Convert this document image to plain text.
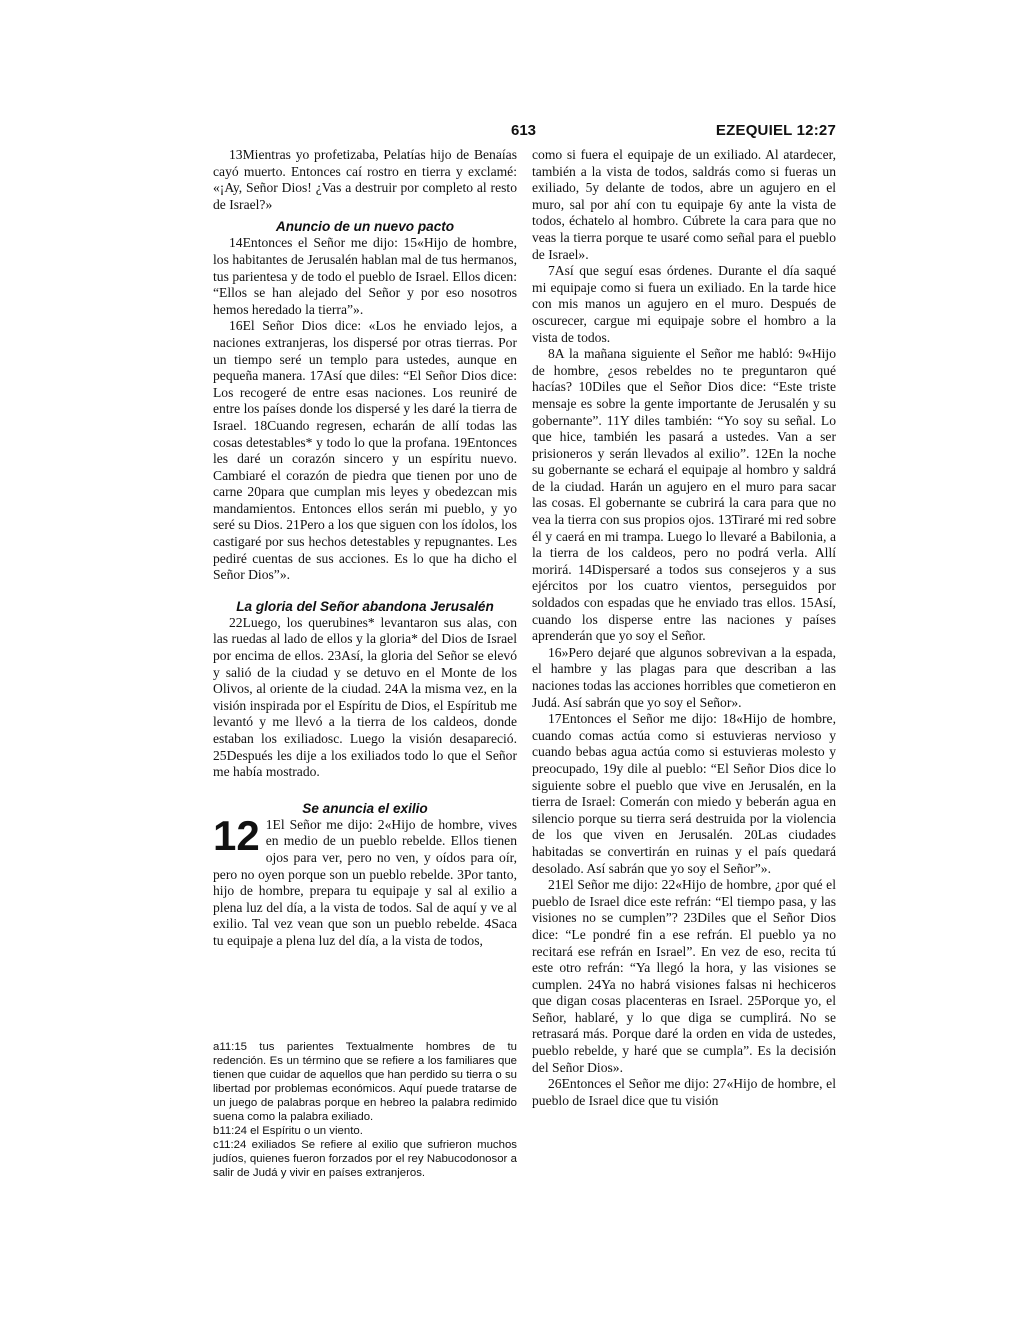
613	EZEQUIEL 12:27

13Mientras yo profetizaba, Pelatías hijo de Benaías cayó muerto. Entonces caí rostro en tierra y exclamé: «¡Ay, Señor Dios! ¿Vas a destruir por completo al resto de Israel?»

Anuncio de un nuevo pacto

14Entonces el Señor me dijo: 15«Hijo de hombre, los habitantes de Jerusalén hablan mal de tus hermanos, tus parientesa y de todo el pueblo de Israel. Ellos dicen: “Ellos se han alejado del Señor y por eso nosotros hemos heredado la tierra”».

16El Señor Dios dice: «Los he enviado lejos, a naciones extranjeras, los dispersé por otras tierras. Por un tiempo seré un templo para ustedes, aunque en pequeña manera. 17Así que diles: “El Señor Dios dice: Los recogeré de entre esas naciones. Los reuniré de entre los países donde los dispersé y les daré la tierra de Israel. 18Cuando regresen, echarán de allí todas las cosas detestables* y todo lo que la profana. 19Entonces les daré un corazón sincero y un espíritu nuevo. Cambiaré el corazón de piedra que tienen por uno de carne 20para que cumplan mis leyes y obedezcan mis mandamientos. Entonces ellos serán mi pueblo, y yo seré su Dios. 21Pero a los que siguen con los ídolos, los castigaré por sus hechos detestables y repugnantes. Les pediré cuentas de sus acciones. Es lo que ha dicho el Señor Dios”».

La gloria del Señor abandona Jerusalén

22Luego, los querubines* levantaron sus alas, con las ruedas al lado de ellos y la gloria* del Dios de Israel por encima de ellos. 23Así, la gloria del Señor se elevó y salió de la ciudad y se detuvo en el Monte de los Olivos, al oriente de la ciudad. 24A la misma vez, en la visión inspirada por el Espíritu de Dios, el Espíritub me levantó y me llevó a la tierra de los caldeos, donde estaban los exiliadosc. Luego la visión desapareció. 25Después les dije a los exiliados todo lo que el Señor me había mostrado.

Se anuncia el exilio

12 1El Señor me dijo: 2«Hijo de hombre, vives en medio de un pueblo rebelde. Ellos tienen ojos para ver, pero no ven, y oídos para oír, pero no oyen porque son un pueblo rebelde. 3Por tanto, hijo de hombre, prepara tu equipaje y sal al exilio a plena luz del día, a la vista de todos. Sal de aquí y ve al exilio. Tal vez vean que son un pueblo rebelde. 4Saca tu equipaje a plena luz del día, a la vista de todos,

como si fuera el equipaje de un exiliado. Al atardecer, también a la vista de todos, saldrás como si fueras un exiliado, 5y delante de todos, abre un agujero en el muro, sal por ahí con tu equipaje 6y ante la vista de todos, échatelo al hombro. Cúbrete la cara para que no veas la tierra porque te usaré como señal para el pueblo de Israel».

7Así que seguí esas órdenes. Durante el día saqué mi equipaje como si fuera un exiliado. En la tarde hice con mis manos un agujero en el muro. Después de oscurecer, cargue mi equipaje sobre el hombro a la vista de todos.

8A la mañana siguiente el Señor me habló: 9«Hijo de hombre, ¿esos rebeldes no te preguntaron qué hacías? 10Diles que el Señor Dios dice: “Este triste mensaje es sobre la gente importante de Jerusalén y su gobernante”. 11Y diles también: “Yo soy su señal. Lo que hice, también les pasará a ustedes. Van a ser prisioneros y serán llevados al exilio”. 12En la noche su gobernante se echará el equipaje al hombro y saldrá de la ciudad. Harán un agujero en el muro para sacar las cosas. El gobernante se cubrirá la cara para que no vea la tierra con sus propios ojos. 13Tiraré mi red sobre él y caerá en mi trampa. Luego lo llevaré a Babilonia, a la tierra de los caldeos, pero no podrá verla. Allí morirá. 14Dispersaré a todos sus consejeros y a sus ejércitos por los cuatro vientos, perseguidos por soldados con espadas que he enviado tras ellos. 15Así, cuando los disperse entre las naciones y países aprenderán que yo soy el Señor.

16»Pero dejaré que algunos sobrevivan a la espada, el hambre y las plagas para que describan a las naciones todas las acciones horribles que cometieron en Judá. Así sabrán que yo soy el Señor».

17Entonces el Señor me dijo: 18«Hijo de hombre, cuando comas actúa como si estuvieras nervioso y cuando bebas agua actúa como si estuvieras molesto y preocupado, 19y dile al pueblo: “El Señor Dios dice lo siguiente sobre el pueblo que vive en Jerusalén, en la tierra de Israel: Comerán con miedo y beberán agua en silencio porque su tierra será destruida por la violencia de los que viven en Jerusalén. 20Las ciudades habitadas se convertirán en ruinas y el país quedará desolado. Así sabrán que yo soy el Señor”».

21El Señor me dijo: 22«Hijo de hombre, ¿por qué el pueblo de Israel dice este refrán: “El tiempo pasa, y las visiones no se cumplen”? 23Diles que el Señor Dios dice: “Le pondré fin a ese refrán. El pueblo ya no recitará ese refrán en Israel”. En vez de eso, recita tú este otro refrán: “Ya llegó la hora, y las visiones se cumplen. 24Ya no habrá visiones falsas ni hechiceros que digan cosas placenteras en Israel. 25Porque yo, el Señor, hablaré, y lo que diga se cumplirá. No se retrasará más. Porque daré la orden en vida de ustedes, pueblo rebelde, y haré que se cumpla”. Es la decisión del Señor Dios».

26Entonces el Señor me dijo: 27«Hijo de hombre, el pueblo de Israel dice que tu visión

a11:15 tus parientes Textualmente hombres de tu redención. Es un término que se refiere a los familiares que tienen que cuidar de aquellos que han perdido su tierra o su libertad por problemas económicos. Aquí puede tratarse de un juego de palabras porque en hebreo la palabra redimido suena como la palabra exiliado.

b11:24 el Espíritu o un viento.

c11:24 exiliados Se refiere al exilio que sufrieron muchos judíos, quienes fueron forzados por el rey Nabucodonosor a salir de Judá y vivir en países extranjeros.
